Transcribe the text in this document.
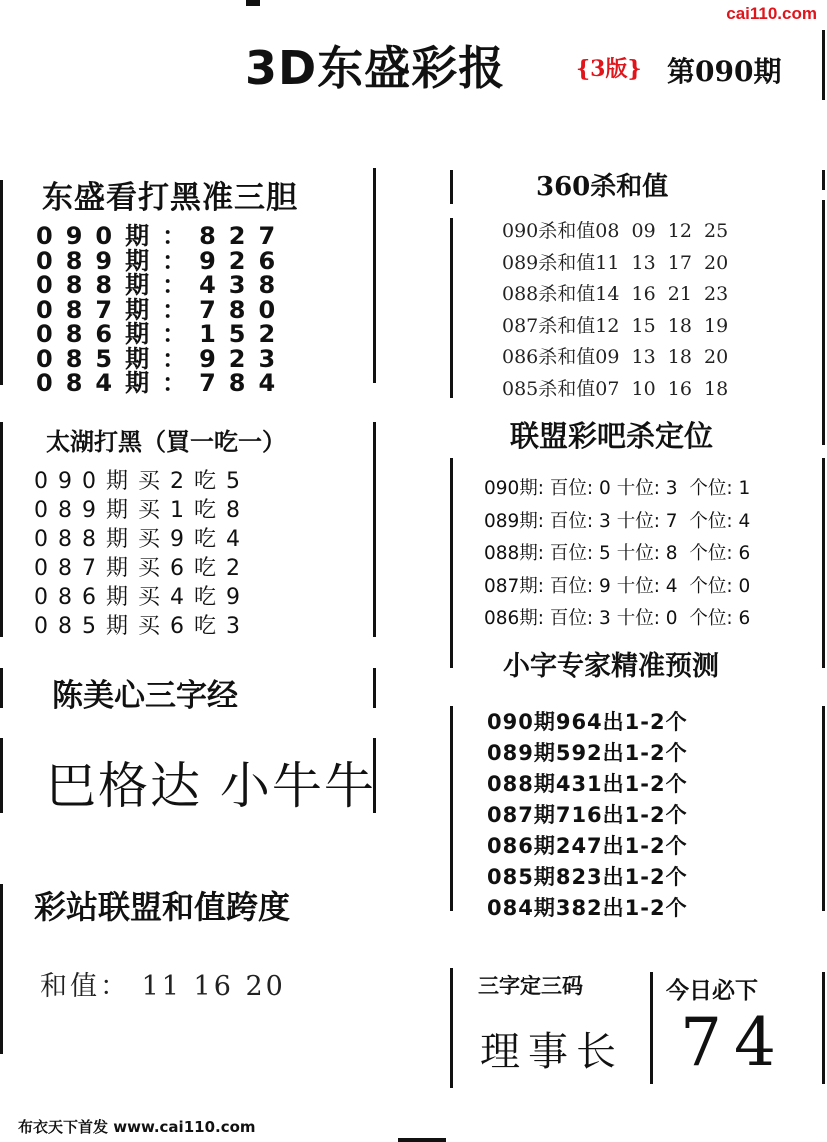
cai110.com
3D东盛彩报	{3版} 第090期
东盛看打黑准三胆
090期：827
089期：926
088期：438
087期：780
086期：152
085期：923
084期：784
太湖打黑（買一吃一）
090期买2吃5
089期买1吃8
088期买9吃4
087期买6吃2
086期买4吃9
085期买6吃3
陈美心三字经
巴格达 小牛牛
彩站联盟和值跨度
和值： 11 16 20
布衣天下首发 www.cai110.com
360杀和值
090杀和值08  09  12  25
089杀和值11  13  17  20
088杀和值14  16  21  23
087杀和值12  15  18  19
086杀和值09  13  18  20
085杀和值07  10  16  18
联盟彩吧杀定位
090期: 百位: 0 十位: 3  个位: 1
089期: 百位: 3 十位: 7  个位: 4
088期: 百位: 5 十位: 8  个位: 6
087期: 百位: 9 十位: 4  个位: 0
086期: 百位: 3 十位: 0  个位: 6
小字专家精准预测
090期964出1-2个
089期592出1-2个
088期431出1-2个
087期716出1-2个
086期247出1-2个
085期823出1-2个
084期382出1-2个
三字定三码	今日必下
理事长 74
